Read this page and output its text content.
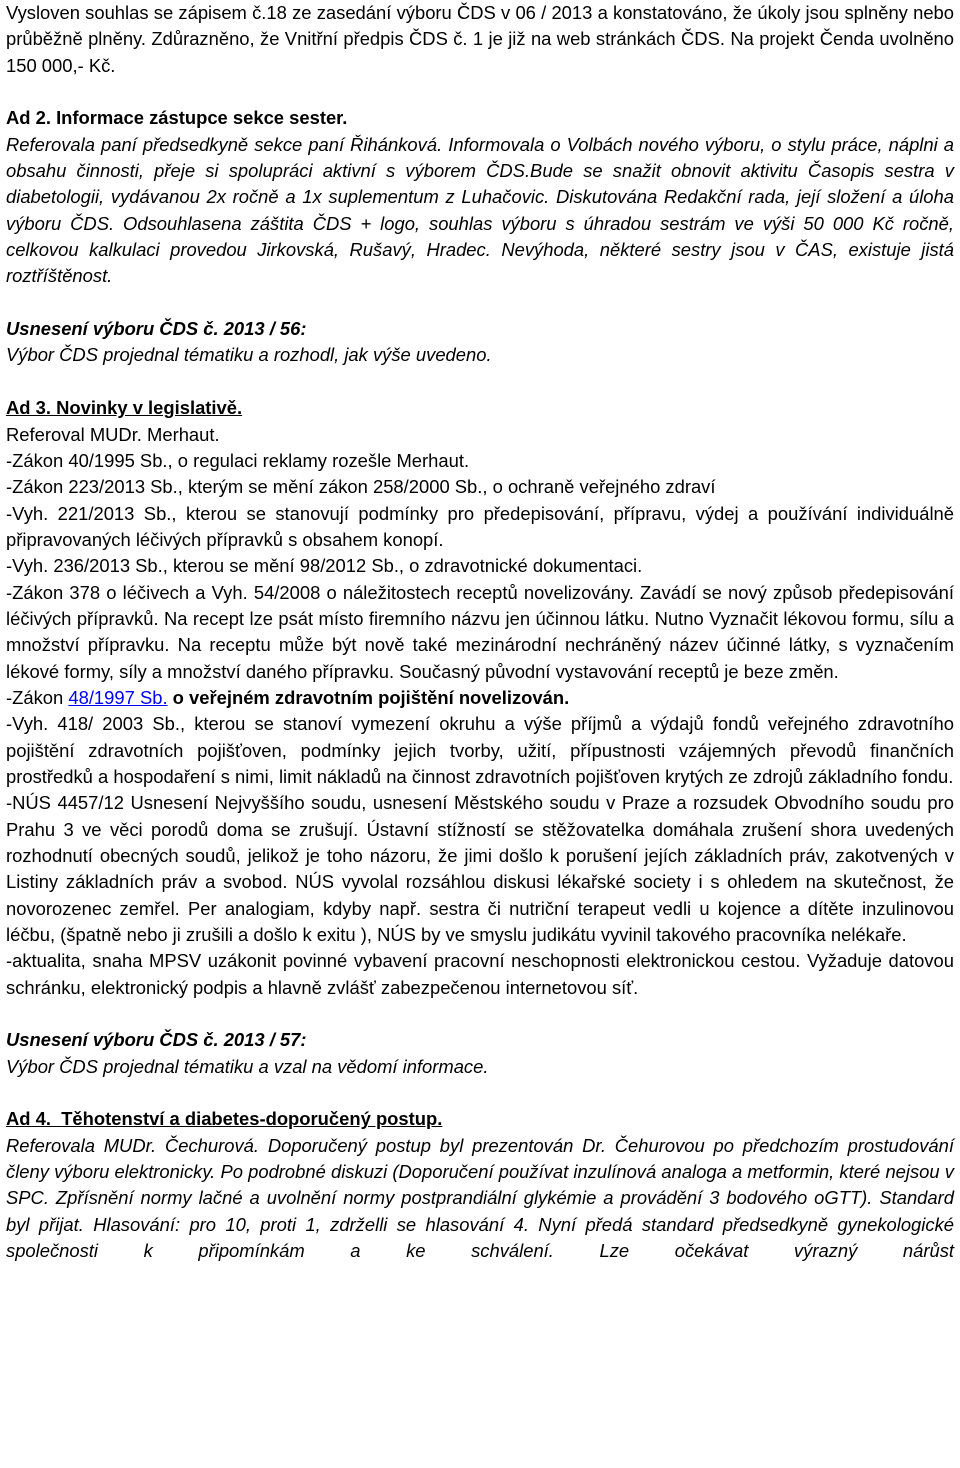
Vysloven souhlas se zápisem č.18 ze zasedání výboru ČDS v 06 / 2013 a konstatováno, že úkoly jsou splněny nebo průběžně plněny. Zdůrazněno, že Vnitřní předpis ČDS č. 1 je již na web stránkách ČDS. Na projekt Čenda uvolněno 150 000,- Kč.

Ad 2. Informace zástupce sekce sester.

Referovala paní předsedkyně sekce paní Řihánková. Informovala o Volbách nového výboru, o stylu práce, náplni a obsahu činnosti, přeje si spolupráci aktivní s výborem ČDS.Bude se snažit obnovit aktivitu Časopis sestra v diabetologii, vydávanou 2x ročně a 1x suplementum z Luhačovic. Diskutována Redakční rada, její složení a úloha výboru ČDS. Odsouhlasena záštita ČDS + logo, souhlas výboru s úhradou sestrám ve výši 50 000 Kč ročně, celkovou kalkulaci provedou Jirkovská, Rušavý, Hradec. Nevýhoda, některé sestry jsou v ČAS, existuje jistá roztříštěnost.

Usnesení výboru ČDS č. 2013 / 56:

Výbor ČDS projednal tématiku a rozhodl, jak výše uvedeno.

Ad 3. Novinky v legislativě.

Referoval MUDr. Merhaut.

-Zákon 40/1995 Sb., o regulaci reklamy rozešle Merhaut.

-Zákon 223/2013 Sb., kterým se mění zákon 258/2000 Sb., o ochraně veřejného zdraví

-Vyh. 221/2013 Sb., kterou se stanovují podmínky pro předepisování, přípravu, výdej a používání individuálně připravovaných léčivých přípravků s obsahem konopí.

-Vyh. 236/2013 Sb., kterou se mění 98/2012 Sb., o zdravotnické dokumentaci.

-Zákon 378 o léčivech a Vyh. 54/2008 o náležitostech receptů novelizovány. Zavádí se nový způsob předepisování léčivých přípravků. Na recept lze psát místo firemního názvu jen účinnou látku. Nutno Vyznačit lékovou formu, sílu a množství přípravku. Na receptu může být nově také mezinárodní nechráněný název účinné látky, s vyznačením lékové formy, síly a množství daného přípravku. Současný původní vystavování receptů je beze změn.

-Zákon 48/1997 Sb. o veřejném zdravotním pojištění novelizován.

-Vyh. 418/ 2003 Sb., kterou se stanoví vymezení okruhu a výše příjmů a výdajů fondů veřejného zdravotního pojištění zdravotních pojišťoven, podmínky jejich tvorby, užití, přípustnosti vzájemných převodů finančních prostředků a hospodaření s nimi, limit nákladů na činnost zdravotních pojišťoven krytých ze zdrojů základního fondu.

-NÚS 4457/12 Usnesení Nejvyššího soudu, usnesení Městského soudu v Praze a rozsudek Obvodního soudu pro Prahu 3 ve věci porodů doma se zrušují. Ústavní stížností se stěžovatelka domáhala zrušení shora uvedených rozhodnutí obecných soudů, jelikož je toho názoru, že jimi došlo k porušení jejích základních práv, zakotvených v Listiny základních práv a svobod. NÚS vyvolal rozsáhlou diskusi lékařské society i s ohledem na skutečnost, že novorozenec zemřel. Per analogiam, kdyby např. sestra či nutriční terapeut vedli u kojence a dítěte inzulinovou léčbu, (špatně nebo ji zrušili a došlo k exitu ), NÚS by ve smyslu judikátu vyvinil takového pracovníka nelékaře.

-aktualita, snaha MPSV uzákonit povinné vybavení pracovní neschopnosti elektronickou cestou. Vyžaduje datovou schránku, elektronický podpis a hlavně zvlášť zabezpečenou internetovou síť.

Usnesení výboru ČDS č. 2013 / 57:

Výbor ČDS projednal tématiku a vzal na vědomí informace.

Ad 4. Těhotenství a diabetes-doporučený postup.

Referovala MUDr. Čechurová. Doporučený postup byl prezentován Dr. Čehurovou po předchozím prostudování členy výboru elektronicky. Po podrobné diskuzi (Doporučení používat inzulínová analoga a metformin, které nejsou v SPC. Zpřísnění normy lačné a uvolnění normy postprandiální glykémie a provádění 3 bodového oGTT). Standard byl přijat. Hlasování: pro 10, proti 1, zdrželli se hlasování 4. Nyní předá standard předsedkyně gynekologické společnosti k připomínkám a ke schválení. Lze očekávat výrazný nárůst
